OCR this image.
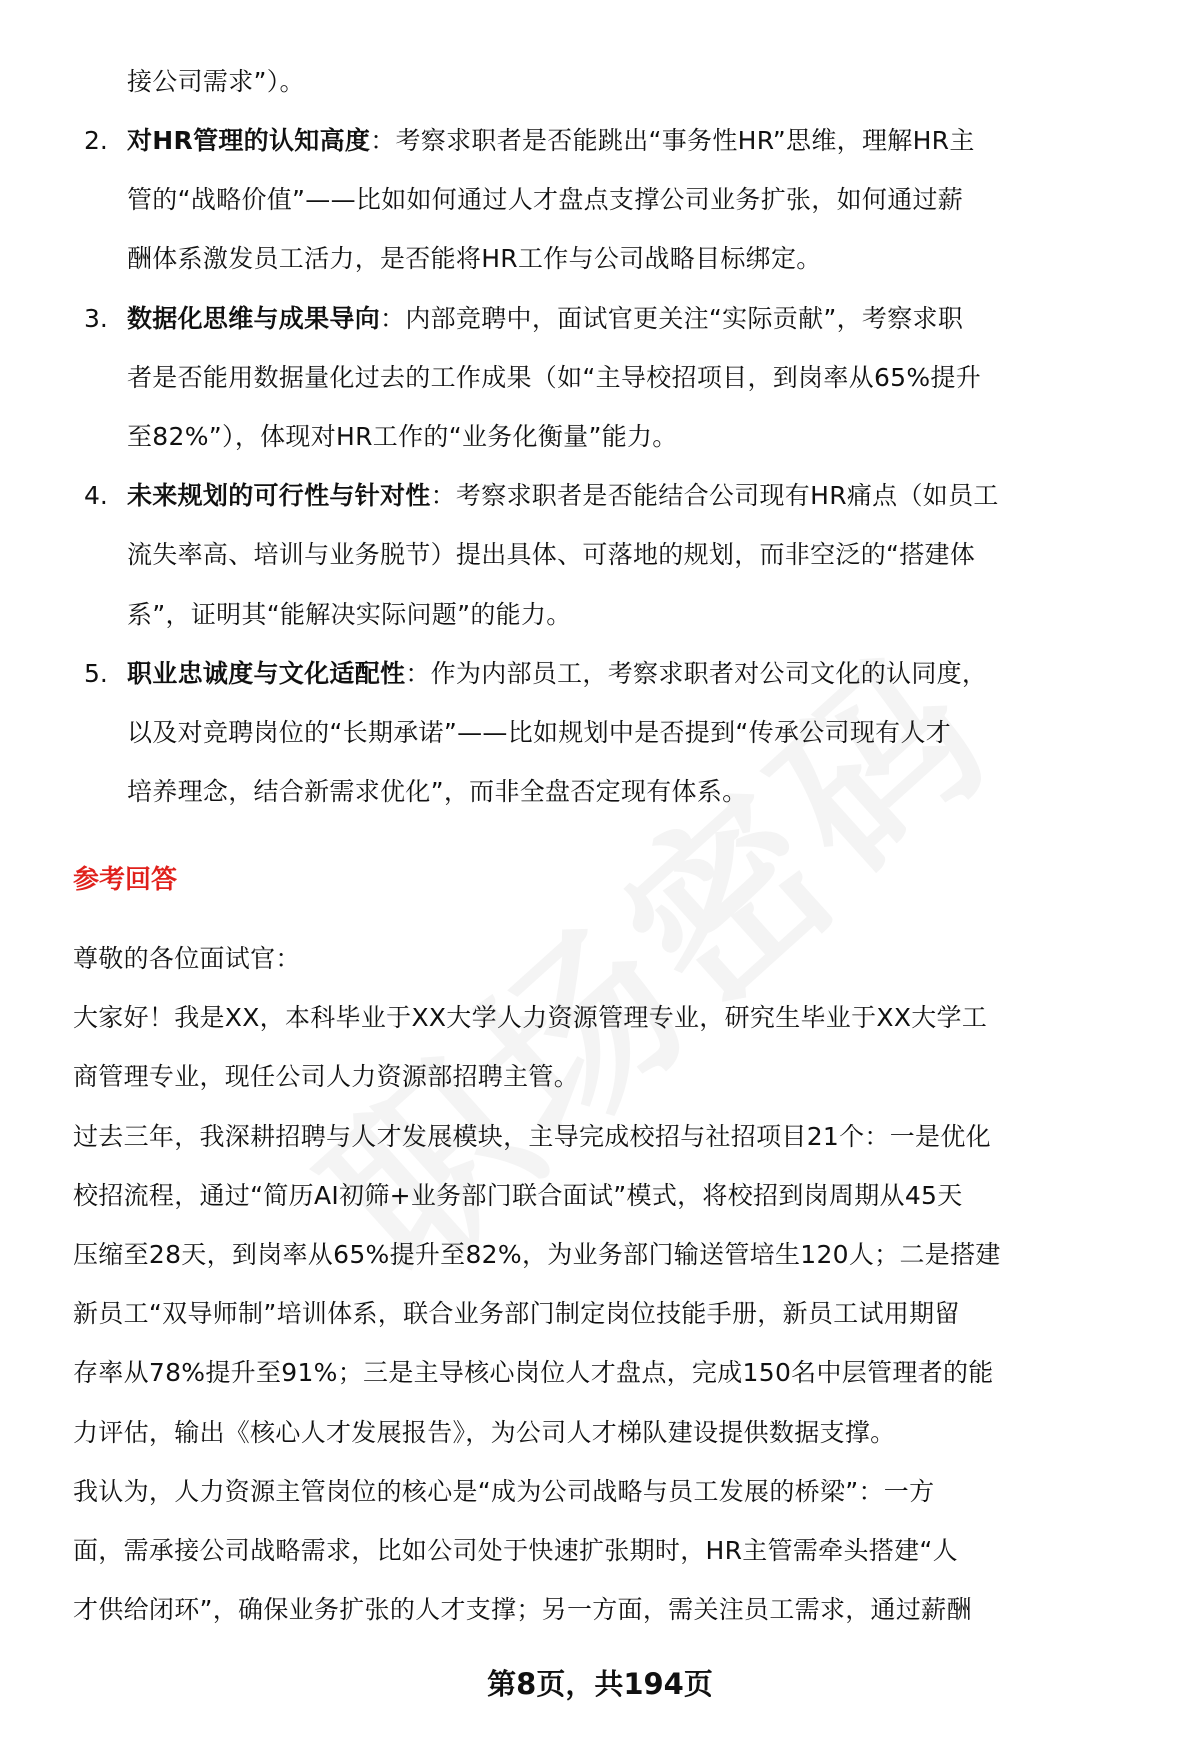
接公司需求”）。
2. 对HR管理的认知高度：考察求职者是否能跳出“事务性HR”思维，理解HR主
管的“战略价值”——比如如何通过人才盘点支撑公司业务扩张，如何通过薪
酬体系激发员工活力，是否能将HR工作与公司战略目标绑定。
3. 数据化思维与成果导向：内部竞聘中，面试官更关注“实际贡献”，考察求职
者是否能用数据量化过去的工作成果（如“主导校招项目，到岗率从65%提升
至82%”），体现对HR工作的“业务化衡量”能力。
4. 未来规划的可行性与针对性：考察求职者是否能结合公司现有HR痛点（如员工
流失率高、培训与业务脱节）提出具体、可落地的规划，而非空泛的“搭建体
系”，证明其“能解决实际问题”的能力。
5. 职业忠诚度与文化适配性：作为内部员工，考察求职者对公司文化的认同度，
以及对竞聘岗位的“长期承诺”——比如规划中是否提到“传承公司现有人才
培养理念，结合新需求优化”，而非全盘否定现有体系。
参考回答
尊敬的各位面试官：
大家好！我是XX，本科毕业于XX大学人力资源管理专业，研究生毕业于XX大学工
商管理专业，现任公司人力资源部招聘主管。
过去三年，我深耕招聘与人才发展模块，主导完成校招与社招项目21个：一是优化
校招流程，通过“简历AI初筛+业务部门联合面试”模式，将校招到岗周期从45天
压缩至28天，到岗率从65%提升至82%，为业务部门输送管培生120人；二是搭建
新员工“双导师制”培训体系，联合业务部门制定岗位技能手册，新员工试用期留
存率从78%提升至91%；三是主导核心岗位人才盘点，完成150名中层管理者的能
力评估，输出《核心人才发展报告》，为公司人才梯队建设提供数据支撑。
我认为，人力资源主管岗位的核心是“成为公司战略与员工发展的桥梁”：一方
面，需承接公司战略需求，比如公司处于快速扩张期时，HR主管需牵头搭建“人
才供给闭环”，确保业务扩张的人才支撑；另一方面，需关注员工需求，通过薪酬
第8页，共194页
